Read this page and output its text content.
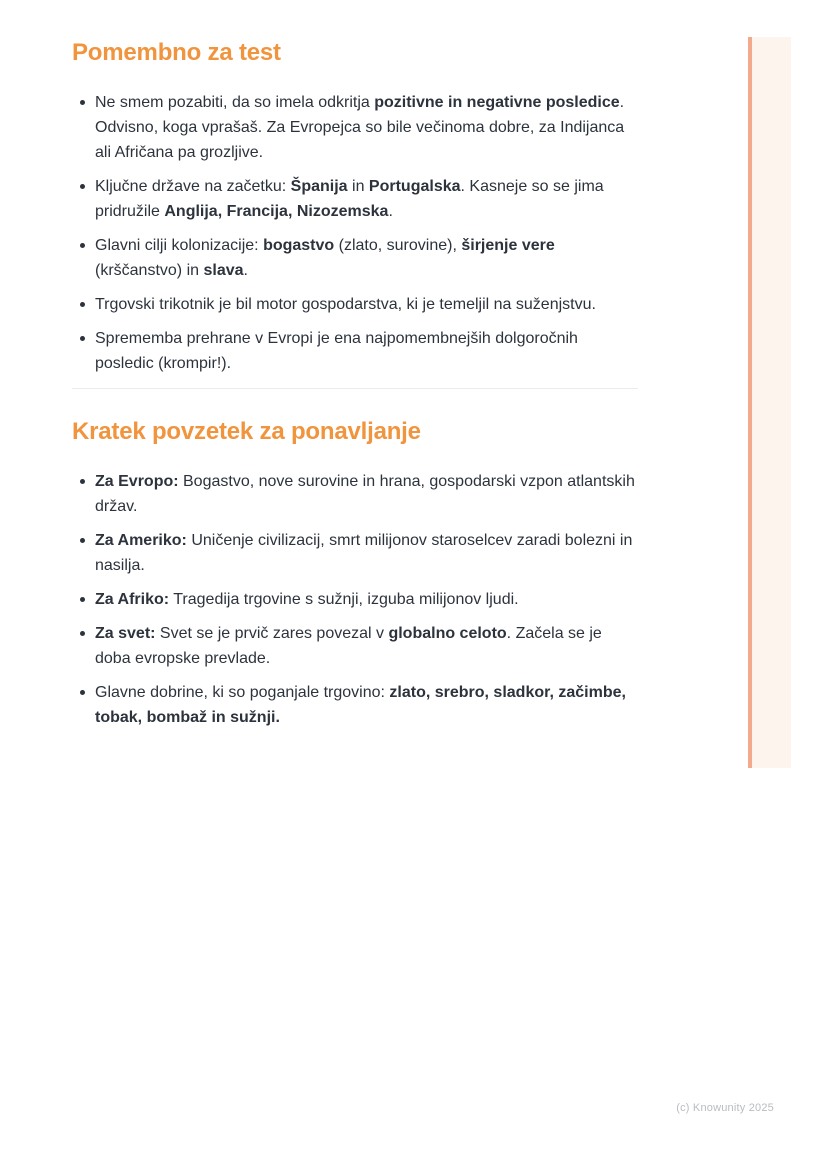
Pomembno za test
Ne smem pozabiti, da so imela odkritja pozitivne in negativne posledice. Odvisno, koga vprašaš. Za Evropejca so bile večinoma dobre, za Indijanca ali Afričana pa grozljive.
Ključne države na začetku: Španija in Portugalska. Kasneje so se jima pridružile Anglija, Francija, Nizozemska.
Glavni cilji kolonizacije: bogastvo (zlato, surovine), širjenje vere (krščanstvo) in slava.
Trgovski trikotnik je bil motor gospodarstva, ki je temeljil na suženjstvu.
Sprememba prehrane v Evropi je ena najpomembnejših dolgoročnih posledic (krompir!).
Kratek povzetek za ponavljanje
Za Evropo: Bogastvo, nove surovine in hrana, gospodarski vzpon atlantskih držav.
Za Ameriko: Uničenje civilizacij, smrt milijonov staroselcev zaradi bolezni in nasilja.
Za Afriko: Tragedija trgovine s sužnji, izguba milijonov ljudi.
Za svet: Svet se je prvič zares povezal v globalno celoto. Začela se je doba evropske prevlade.
Glavne dobrine, ki so poganjale trgovino: zlato, srebro, sladkor, začimbe, tobak, bombaž in sužnji.
(c) Knowunity 2025
